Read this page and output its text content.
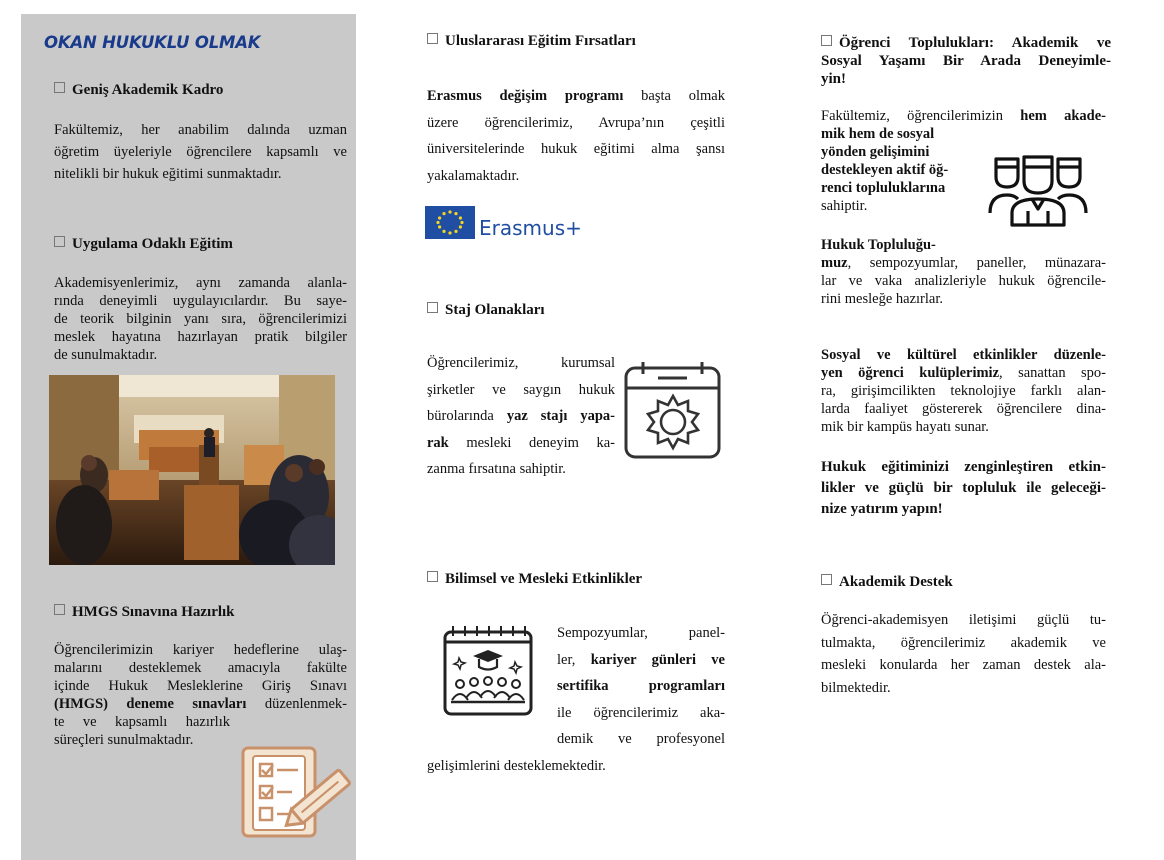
OKAN HUKUKLU OLMAK
Geniş Akademik Kadro
Fakültemiz, her anabilim dalında uzman
öğretim üyeleriyle öğrencilere kapsamlı ve
nitelikli bir hukuk eğitimi sunmaktadır.
Uygulama Odaklı Eğitim
Akademisyenlerimiz, aynı zamanda alanla-
rında deneyimli uygulayıcılardır. Bu saye-
de teorik bilginin yanı sıra, öğrencilerimizi
meslek hayatına hazırlayan pratik bilgiler
de sunulmaktadır.
HMGS Sınavına Hazırlık
Öğrencilerimizin kariyer hedeflerine ulaş-
malarını desteklemek amacıyla fakülte
içinde Hukuk Mesleklerine Giriş Sınavı
(HMGS) deneme sınavları düzenlenmek-
te ve kapsamlı hazırlık
süreçleri sunulmaktadır.
Uluslararası Eğitim Fırsatları
Erasmus değişim programı başta olmak
üzere öğrencilerimiz, Avrupa’nın çeşitli
üniversitelerinde hukuk eğitimi alma şansı
yakalamaktadır.
Erasmus+
Staj Olanakları
Öğrencilerimiz, kurumsal
şirketler ve saygın hukuk
bürolarında yaz stajı yapa-
rak mesleki deneyim ka-
zanma fırsatına sahiptir.
Bilimsel ve Mesleki Etkinlikler
Sempozyumlar, panel-
ler, kariyer günleri ve
sertifika programları
ile öğrencilerimiz aka-
demik ve profesyonel
gelişimlerini desteklemektedir.
Öğrenci Toplulukları: Akademik ve
Sosyal Yaşamı Bir Arada Deneyimle-
yin!
Fakültemiz, öğrencilerimizin hem akade-
mik hem de sosyal
yönden gelişimini
destekleyen aktif öğ-
renci topluluklarına
sahiptir.
Hukuk Topluluğu-
muz, sempozyumlar, paneller, münazara-
lar ve vaka analizleriyle hukuk öğrencile-
rini mesleğe hazırlar.
Sosyal ve kültürel etkinlikler düzenle-
yen öğrenci kulüplerimiz, sanattan spo-
ra, girişimcilikten teknolojiye farklı alan-
larda faaliyet göstererek öğrencilere dina-
mik bir kampüs hayatı sunar.
Hukuk eğitiminizi zenginleştiren etkin-
likler ve güçlü bir topluluk ile geleceği-
nize yatırım yapın!
Akademik Destek
Öğrenci-akademisyen iletişimi güçlü tu-
tulmakta, öğrencilerimiz akademik ve
mesleki konularda her zaman destek ala-
bilmektedir.
